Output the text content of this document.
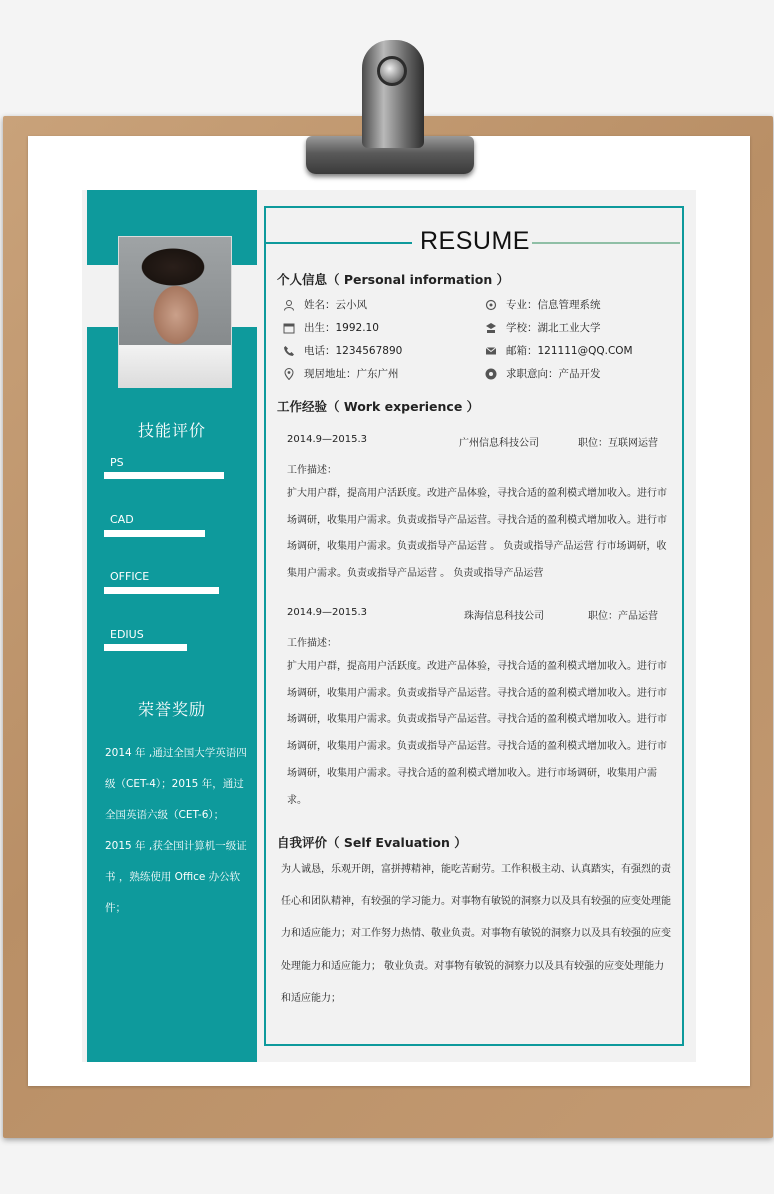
技能评价
PS
CAD
OFFICE
EDIUS
荣誉奖励
2014 年 ,通过全国大学英语四级（CET-4）；2015 年，通过全国英语六级（CET-6）；2015 年 ,获全国计算机一级证书 ，熟练使用 Office 办公软件；
RESUME
个人信息（ Personal information ）
姓名：云小风	专业：信息管理系统
出生：1992.10	学校：湖北工业大学
电话：1234567890	邮箱：121111@QQ.COM
现居地址：广东广州	求职意向：产品开发
工作经验（ Work experience ）
2014.9—2015.3	广州信息科技公司	职位：互联网运营
工作描述：
扩大用户群，提高用户活跃度。改进产品体验，寻找合适的盈利模式增加收入。进行市场调研，收集用户需求。负责或指导产品运营。寻找合适的盈利模式增加收入。进行市场调研，收集用户需求。负责或指导产品运营 。 负责或指导产品运营 行市场调研，收集用户需求。负责或指导产品运营 。 负责或指导产品运营
2014.9—2015.3	珠海信息科技公司	职位：产品运营
工作描述：
扩大用户群，提高用户活跃度。改进产品体验，寻找合适的盈利模式增加收入。进行市场调研，收集用户需求。负责或指导产品运营。寻找合适的盈利模式增加收入。进行市场调研，收集用户需求。负责或指导产品运营。寻找合适的盈利模式增加收入。进行市场调研，收集用户需求。负责或指导产品运营。寻找合适的盈利模式增加收入。进行市场调研，收集用户需求。寻找合适的盈利模式增加收入。进行市场调研，收集用户需求。
自我评价（ Self Evaluation ）
为人诚恳，乐观开朗，富拼搏精神，能吃苦耐劳。工作积极主动、认真踏实，有强烈的责任心和团队精神，有较强的学习能力。对事物有敏锐的洞察力以及具有较强的应变处理能力和适应能力；对工作努力热情、敬业负责。对事物有敏锐的洞察力以及具有较强的应变处理能力和适应能力； 敬业负责。对事物有敏锐的洞察力以及具有较强的应变处理能力和适应能力；
